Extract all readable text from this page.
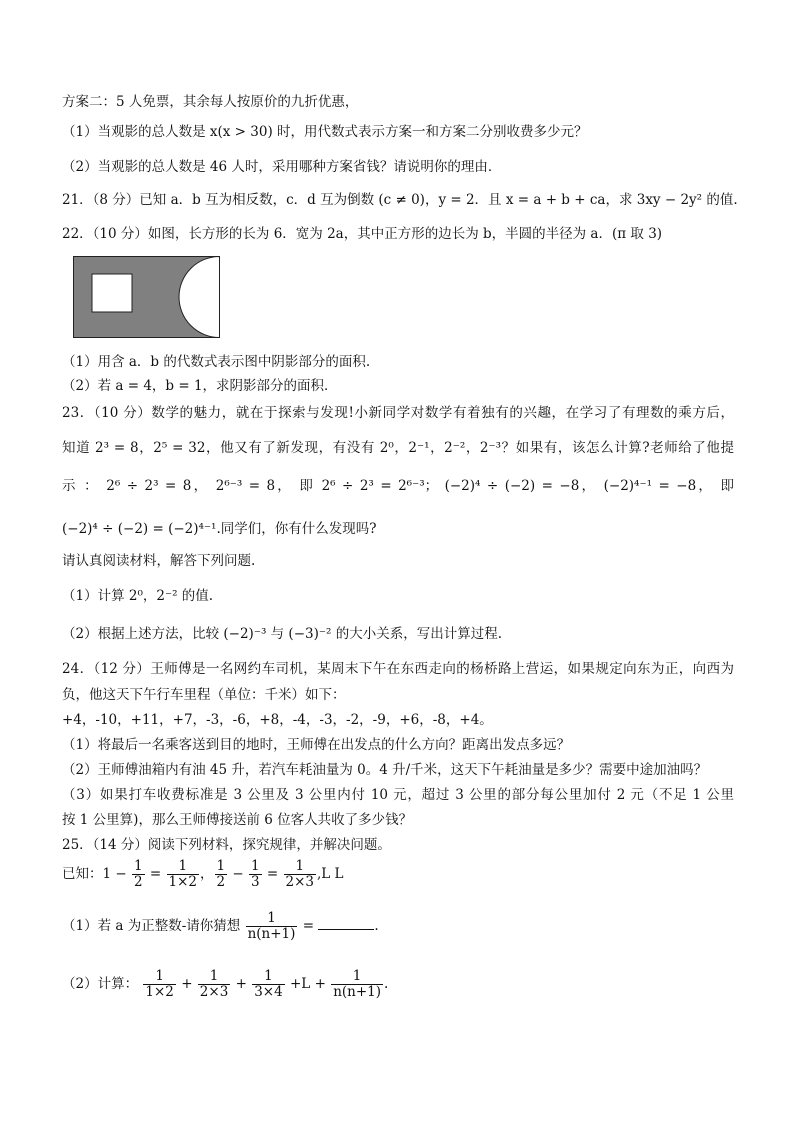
方案二：5 人免票，其余每人按原价的九折优惠，
（1）当观影的总人数是 x(x > 30) 时，用代数式表示方案一和方案二分别收费多少元？
（2）当观影的总人数是 46 人时，采用哪种方案省钱？请说明你的理由．
21．（8 分）已知 a．b 互为相反数，c．d 互为倒数 (c ≠ 0)，y = 2．且 x = a + b + ca，求 3xy − 2y² 的值.
22．（10 分）如图，长方形的长为 6．宽为 2a，其中正方形的边长为 b，半圆的半径为 a．(π 取 3)
（1）用含 a．b 的代数式表示图中阴影部分的面积.
（2）若 a = 4，b = 1，求阴影部分的面积．
23．（10 分）数学的魅力，就在于探索与发现!小新同学对数学有着独有的兴趣，在学习了有理数的乘方后，
知道 2³ = 8，2⁵ = 32，他又有了新发现，有没有 2⁰，2⁻¹，2⁻²，2⁻³？如果有，该怎么计算?老师给了他提
示 ： 2⁶ ÷ 2³ = 8， 2⁶⁻³ = 8， 即 2⁶ ÷ 2³ = 2⁶⁻³； (−2)⁴ ÷ (−2) = −8， (−2)⁴⁻¹ = −8， 即
(−2)⁴ ÷ (−2) = (−2)⁴⁻¹.同学们，你有什么发现吗?
请认真阅读材料，解答下列问题.
（1）计算 2⁰，2⁻² 的值.
（2）根据上述方法，比较 (−2)⁻³ 与 (−3)⁻² 的大小关系，写出计算过程.
24．（12 分）王师傅是一名网约车司机，某周末下午在东西走向的杨桥路上营运，如果规定向东为正，向西为
负，他这天下午行车里程（单位：千米）如下：
+4，-10，+11，+7，-3，-6，+8，-4，-3，-2，-9，+6，-8，+4。
（1）将最后一名乘客送到目的地时，王师傅在出发点的什么方向？距离出发点多远？
（2）王师傅油箱内有油 45 升，若汽车耗油量为 0。4 升/千米，这天下午耗油量是多少？需要中途加油吗？
（3）如果打车收费标准是 3 公里及 3 公里内付 10 元，超过 3 公里的部分每公里加付 2 元（不足 1 公里
按 1 公里算)，那么王师傅接送前 6 位客人共收了多少钱？
25．（14 分）阅读下列材料，探究规律，并解决问题。
已知：$1 - \frac{1}{2} = \frac{1}{1\times 2}$ ， $\frac{1}{2} - \frac{1}{3} = \frac{1}{2\times 3} ,L$ L
（1）若 a 为正整数-请你猜想 $\frac{1}{n(n+1)}$ =	.
（2）计算： $\frac{1}{1\times 2} + \frac{1}{2\times 3} + \frac{1}{3\times 4} +L + \frac{1}{n(n+1)}$ .
